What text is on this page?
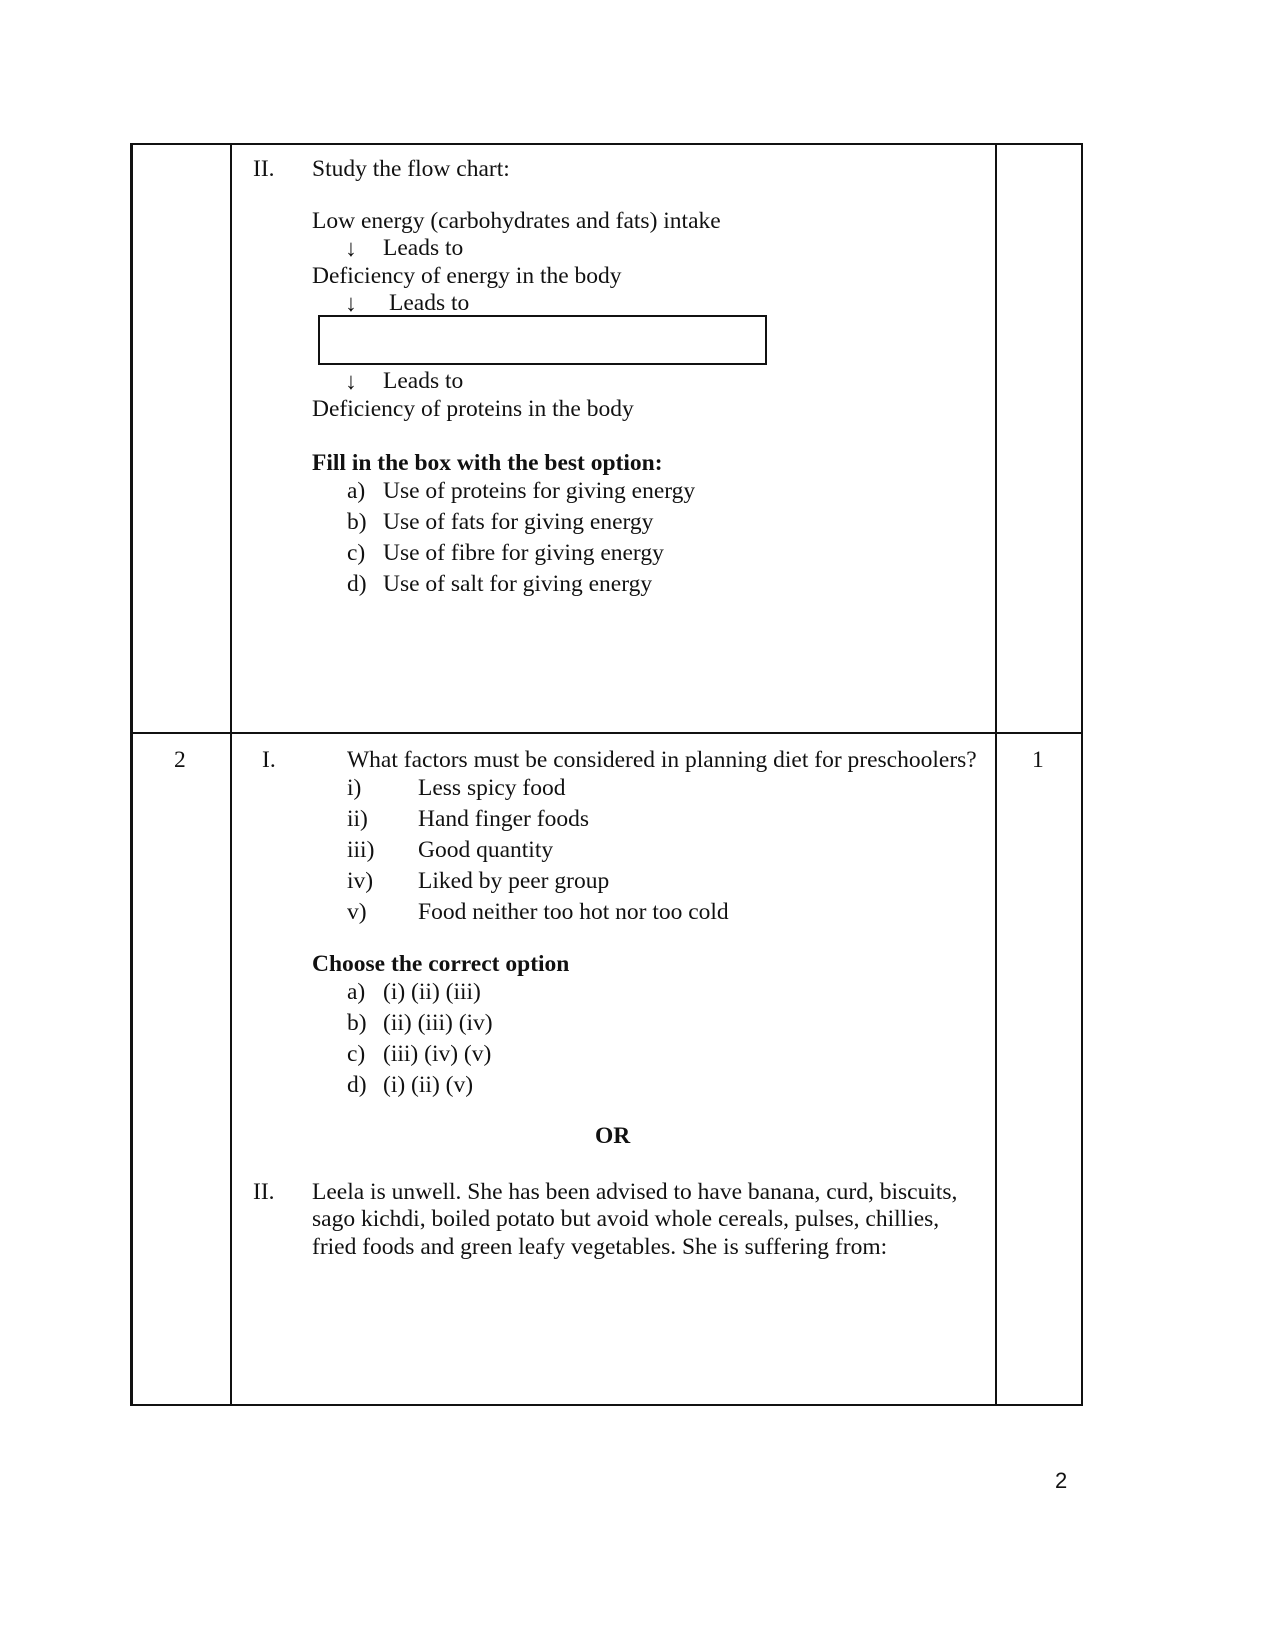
II. Study the flow chart:
Low energy (carbohydrates and fats) intake
↓ Leads to
Deficiency of energy in the body
↓ Leads to
↓ Leads to
Deficiency of proteins in the body
Fill in the box with the best option:
a) Use of proteins for giving energy
b) Use of fats for giving energy
c) Use of fibre for giving energy
d) Use of salt for giving energy
2	1
I.	What factors must be considered in planning diet for preschoolers?
i) Less spicy food
ii) Hand finger foods
iii) Good quantity
iv) Liked by peer group
v) Food neither too hot nor too cold
Choose the correct option
a) (i) (ii) (iii)
b) (ii) (iii) (iv)
c) (iii) (iv) (v)
d) (i) (ii) (v)
OR
II. Leela is unwell. She has been advised to have banana, curd, biscuits,
sago kichdi, boiled potato but avoid whole cereals, pulses, chillies,
fried foods and green leafy vegetables. She is suffering from:
2
